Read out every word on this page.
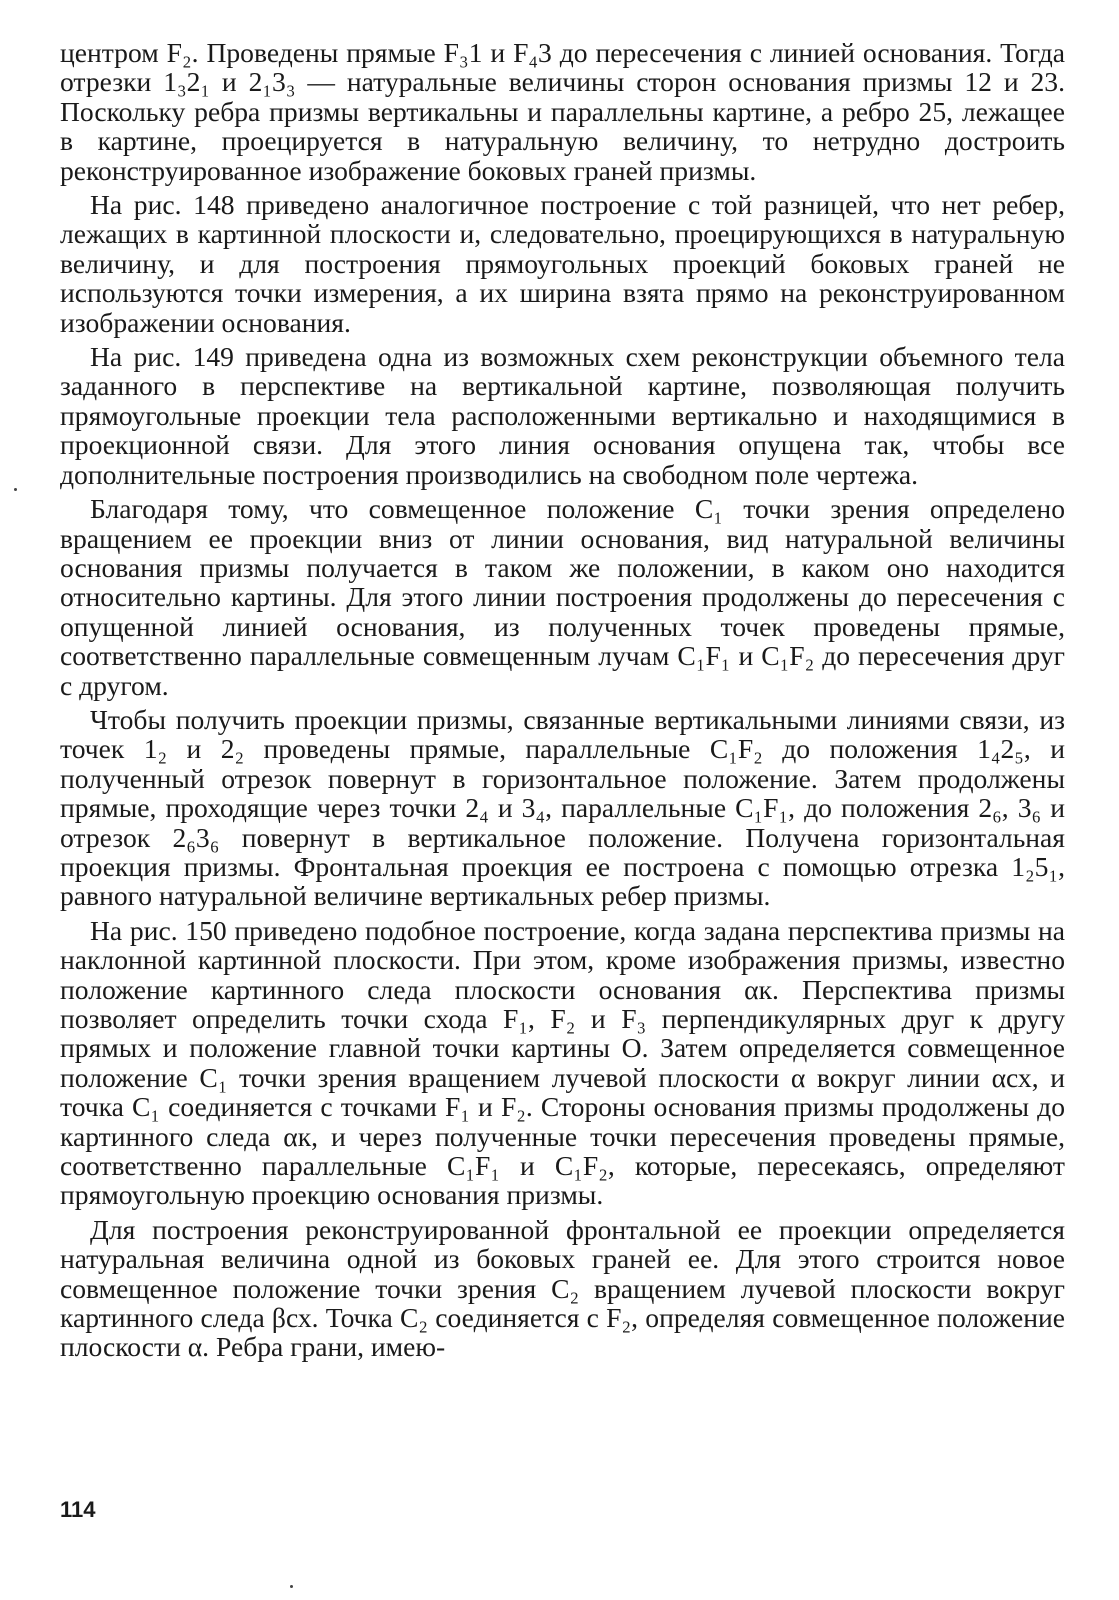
центром F₂. Проведены прямые F₃1 и F₄3 до пересечения с линией основания. Тогда отрезки 1₃2₁ и 2₁3₃ — натуральные величины сторон основания призмы 12 и 23. Поскольку ребра призмы вертикальны и параллельны картине, а ребро 25, лежащее в картине, проецируется в натуральную величину, то нетрудно достроить реконструированное изображение боковых граней призмы.

На рис. 148 приведено аналогичное построение с той разницей, что нет ребер, лежащих в картинной плоскости и, следовательно, проецирующихся в натуральную величину, и для построения прямоугольных проекций боковых граней не используются точки измерения, а их ширина взята прямо на реконструированном изображении основания.

На рис. 149 приведена одна из возможных схем реконструкции объемного тела заданного в перспективе на вертикальной картине, позволяющая получить прямоугольные проекции тела расположенными вертикально и находящимися в проекционной связи. Для этого линия основания опущена так, чтобы все дополнительные построения производились на свободном поле чертежа.

Благодаря тому, что совмещенное положение C₁ точки зрения определено вращением ее проекции вниз от линии основания, вид натуральной величины основания призмы получается в таком же положении, в каком оно находится относительно картины. Для этого линии построения продолжены до пересечения с опущенной линией основания, из полученных точек проведены прямые, соответственно параллельные совмещенным лучам C₁F₁ и C₁F₂ до пересечения друг с другом.

Чтобы получить проекции призмы, связанные вертикальными линиями связи, из точек 1₂ и 2₂ проведены прямые, параллельные C₁F₂ до положения 1₄2₅, и полученный отрезок повернут в горизонтальное положение. Затем продолжены прямые, проходящие через точки 2₄ и 3₄, параллельные C₁F₁, до положения 2₆, 3₆ и отрезок 2₆3₆ повернут в вертикальное положение. Получена горизонтальная проекция призмы. Фронтальная проекция ее построена с помощью отрезка 1₂5₁, равного натуральной величине вертикальных ребер призмы.

На рис. 150 приведено подобное построение, когда задана перспектива призмы на наклонной картинной плоскости. При этом, кроме изображения призмы, известно положение картинного следа плоскости основания αк. Перспектива призмы позволяет определить точки схода F₁, F₂ и F₃ перпендикулярных друг к другу прямых и положение главной точки картины O. Затем определяется совмещенное положение C₁ точки зрения вращением лучевой плоскости α вокруг линии αсх, и точка C₁ соединяется с точками F₁ и F₂. Стороны основания призмы продолжены до картинного следа αк, и через полученные точки пересечения проведены прямые, соответственно параллельные C₁F₁ и C₁F₂, которые, пересекаясь, определяют прямоугольную проекцию основания призмы.

Для построения реконструированной фронтальной ее проекции определяется натуральная величина одной из боковых граней ее. Для этого строится новое совмещенное положение точки зрения C₂ вращением лучевой плоскости вокруг картинного следа βсх. Точка C₂ соединяется с F₂, определяя совмещенное положение плоскости α. Ребра грани, имею-

114
